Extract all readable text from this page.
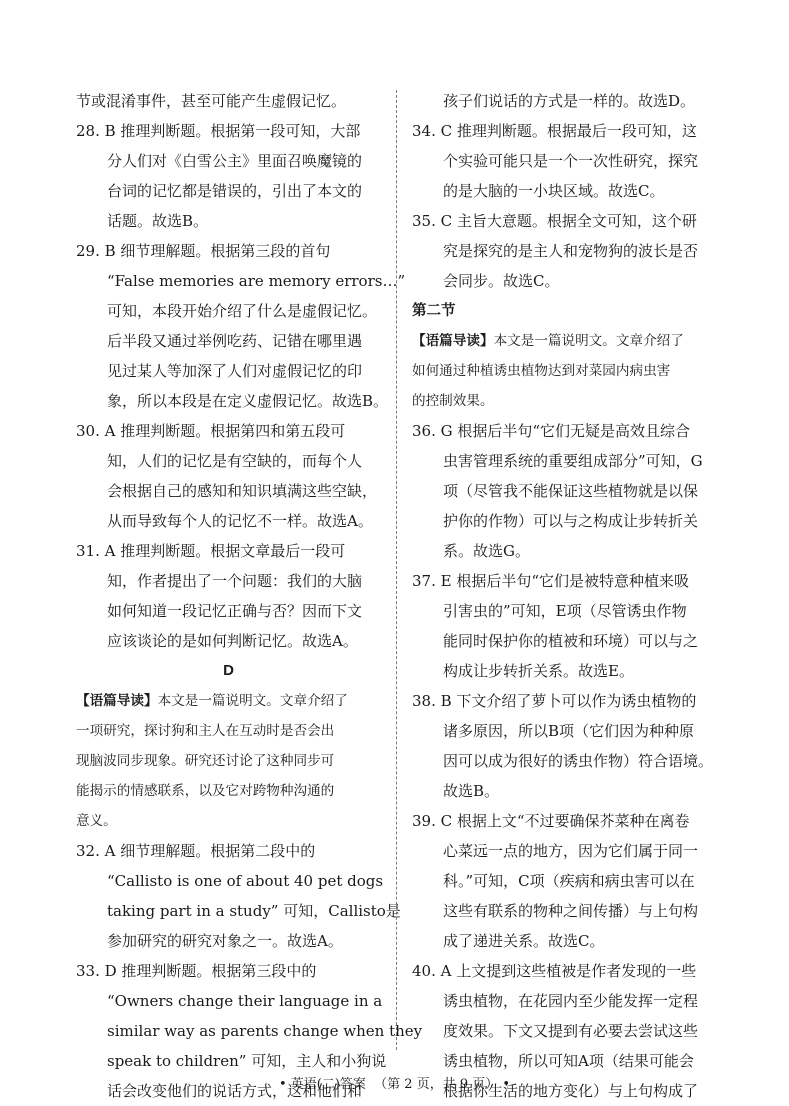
节或混淆事件，甚至可能产生虚假记忆。
28. B 推理判断题。根据第一段可知，大部
分人们对《白雪公主》里面召唤魔镜的
台词的记忆都是错误的，引出了本文的
话题。故选B。
29. B 细节理解题。根据第三段的首句
“False memories are memory errors…”
可知，本段开始介绍了什么是虚假记忆。
后半段又通过举例吃药、记错在哪里遇
见过某人等加深了人们对虚假记忆的印
象，所以本段是在定义虚假记忆。故选B。
30. A 推理判断题。根据第四和第五段可
知，人们的记忆是有空缺的，而每个人
会根据自己的感知和知识填满这些空缺，
从而导致每个人的记忆不一样。故选A。
31. A 推理判断题。根据文章最后一段可
知，作者提出了一个问题：我们的大脑
如何知道一段记忆正确与否？因而下文
应该谈论的是如何判断记忆。故选A。
D
【语篇导读】本文是一篇说明文。文章介绍了
一项研究，探讨狗和主人在互动时是否会出
现脑波同步现象。研究还讨论了这种同步可
能揭示的情感联系，以及它对跨物种沟通的
意义。
32. A 细节理解题。根据第二段中的
“Callisto is one of about 40 pet dogs
taking part in a study” 可知，Callisto是
参加研究的研究对象之一。故选A。
33. D 推理判断题。根据第三段中的
“Owners change their language in a
similar way as parents change when they
speak to children” 可知，主人和小狗说
话会改变他们的说话方式，这和他们和
孩子们说话的方式是一样的。故选D。
34. C 推理判断题。根据最后一段可知，这
个实验可能只是一个一次性研究，探究
的是大脑的一小块区域。故选C。
35. C 主旨大意题。根据全文可知，这个研
究是探究的是主人和宠物狗的波长是否
会同步。故选C。
第二节
【语篇导读】本文是一篇说明文。文章介绍了
如何通过种植诱虫植物达到对菜园内病虫害
的控制效果。
36. G 根据后半句“它们无疑是高效且综合
虫害管理系统的重要组成部分”可知，G
项（尽管我不能保证这些植物就是以保
护你的作物）可以与之构成让步转折关
系。故选G。
37. E 根据后半句“它们是被特意种植来吸
引害虫的”可知，E项（尽管诱虫作物
能同时保护你的植被和环境）可以与之
构成让步转折关系。故选E。
38. B 下文介绍了萝卜可以作为诱虫植物的
诸多原因，所以B项（它们因为种种原
因可以成为很好的诱虫作物）符合语境。
故选B。
39. C 根据上文“不过要确保芥菜种在离卷
心菜远一点的地方，因为它们属于同一
科。”可知，C项（疾病和病虫害可以在
这些有联系的物种之间传播）与上句构
成了递进关系。故选C。
40. A 上文提到这些植被是作者发现的一些
诱虫植物，在花园内至少能发挥一定程
度效果。下文又提到有必要去尝试这些
诱虫植物，所以可知A项（结果可能会
根据你生活的地方变化）与上句构成了
• 英语(二)答案  （第 2 页，共 9 页） •
